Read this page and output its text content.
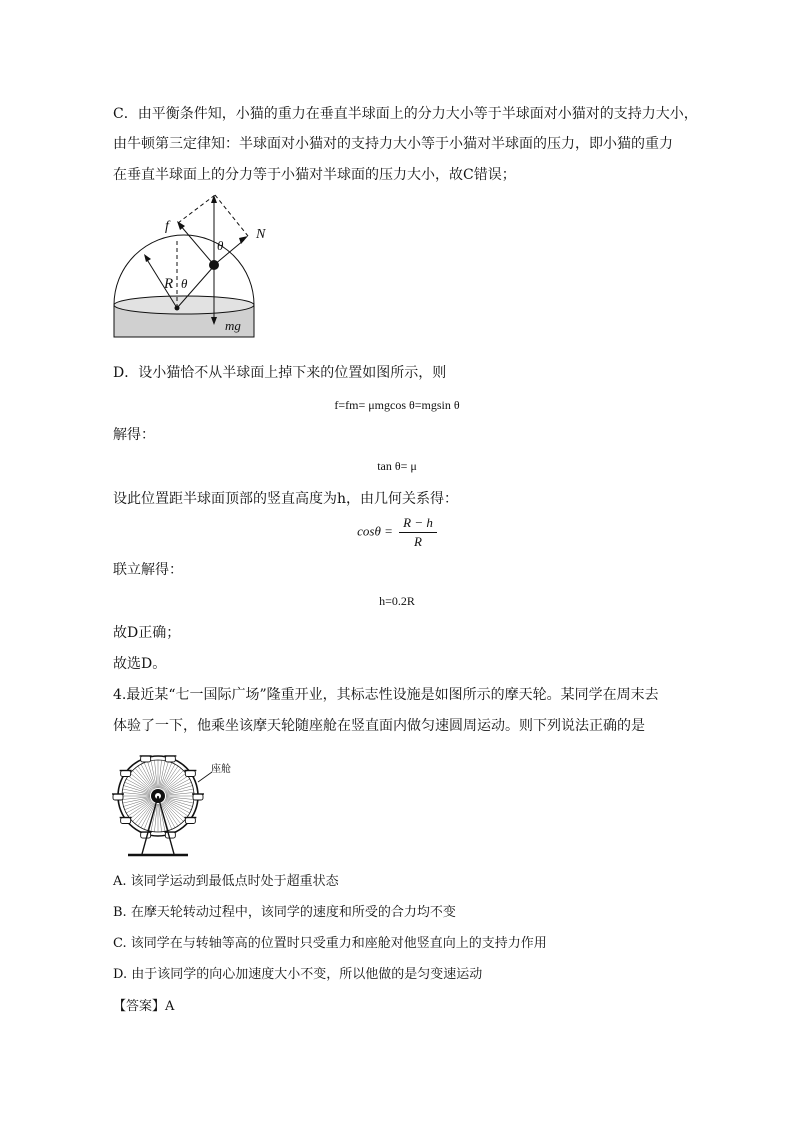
C．由平衡条件知，小猫的重力在垂直半球面上的分力大小等于半球面对小猫对的支持力大小，
由牛顿第三定律知：半球面对小猫对的支持力大小等于小猫对半球面的压力，即小猫的重力
在垂直半球面上的分力等于小猫对半球面的压力大小，故C错误；
f
N
θ
R θ
mg
D．设小猫恰不从半球面上掉下来的位置如图所示，则
f=fm= μmgcos θ=mgsin θ
解得：
tan θ= μ
设此位置距半球面顶部的竖直高度为h，由几何关系得：
$\cos\theta = \frac{R - h}{R}$
联立解得：
h=0.2R
故D正确；
故选D。
4.最近某“七一国际广场”隆重开业，其标志性设施是如图所示的摩天轮。某同学在周末去
体验了一下，他乘坐该摩天轮随座舱在竖直面内做匀速圆周运动。则下列说法正确的是
座舱
A. 该同学运动到最低点时处于超重状态
B. 在摩天轮转动过程中，该同学的速度和所受的合力均不变
C. 该同学在与转轴等高的位置时只受重力和座舱对他竖直向上的支持力作用
D. 由于该同学的向心加速度大小不变，所以他做的是匀变速运动
【答案】A
